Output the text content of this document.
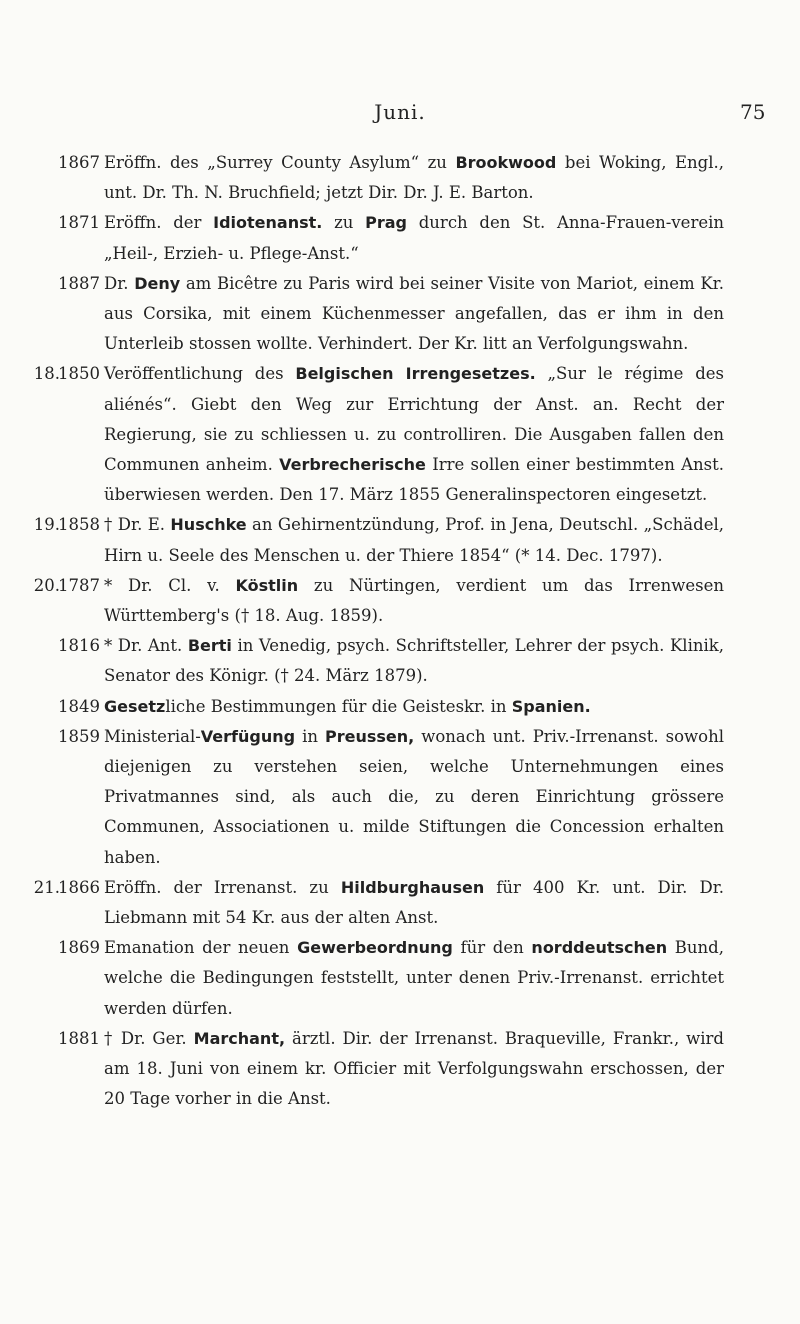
Juni.	75
1867 Eröffn. des „Surrey County Asylum“ zu Brookwood bei Woking, Engl., unt. Dr. Th. N. Bruchfield; jetzt Dir. Dr. J. E. Barton.
1871 Eröffn. der Idiotenanst. zu Prag durch den St. Anna-Frauen-verein „Heil-, Erzieh- u. Pflege-Anst.“
1887 Dr. Deny am Bicêtre zu Paris wird bei seiner Visite von Mariot, einem Kr. aus Corsika, mit einem Küchenmesser angefallen, das er ihm in den Unterleib stossen wollte. Verhindert. Der Kr. litt an Verfolgungswahn.
18.
1850 Veröffentlichung des Belgischen Irrengesetzes. „Sur le régime des aliénés“. Giebt den Weg zur Errichtung der Anst. an. Recht der Regierung, sie zu schliessen u. zu controlliren. Die Ausgaben fallen den Communen anheim. Verbrecherische Irre sollen einer bestimmten Anst. überwiesen werden. Den 17. März 1855 Generalinspectoren eingesetzt.
19.
1858 † Dr. E. Huschke an Gehirnentzündung, Prof. in Jena, Deutschl. „Schädel, Hirn u. Seele des Menschen u. der Thiere 1854“ (* 14. Dec. 1797).
20.
1787 * Dr. Cl. v. Köstlin zu Nürtingen, verdient um das Irrenwesen Württemberg's († 18. Aug. 1859).
1816 * Dr. Ant. Berti in Venedig, psych. Schriftsteller, Lehrer der psych. Klinik, Senator des Königr. († 24. März 1879).
1849 Gesetzliche Bestimmungen für die Geisteskr. in Spanien.
1859 Ministerial-Verfügung in Preussen, wonach unt. Priv.-Irrenanst. sowohl diejenigen zu verstehen seien, welche Unternehmungen eines Privatmannes sind, als auch die, zu deren Einrichtung grössere Communen, Associationen u. milde Stiftungen die Concession erhalten haben.
21.
1866 Eröffn. der Irrenanst. zu Hildburghausen für 400 Kr. unt. Dir. Dr. Liebmann mit 54 Kr. aus der alten Anst.
1869 Emanation der neuen Gewerbeordnung für den norddeutschen Bund, welche die Bedingungen feststellt, unter denen Priv.-Irrenanst. errichtet werden dürfen.
1881 † Dr. Ger. Marchant, ärztl. Dir. der Irrenanst. Braqueville, Frankr., wird am 18. Juni von einem kr. Officier mit Verfolgungswahn erschossen, der 20 Tage vorher in die Anst.
